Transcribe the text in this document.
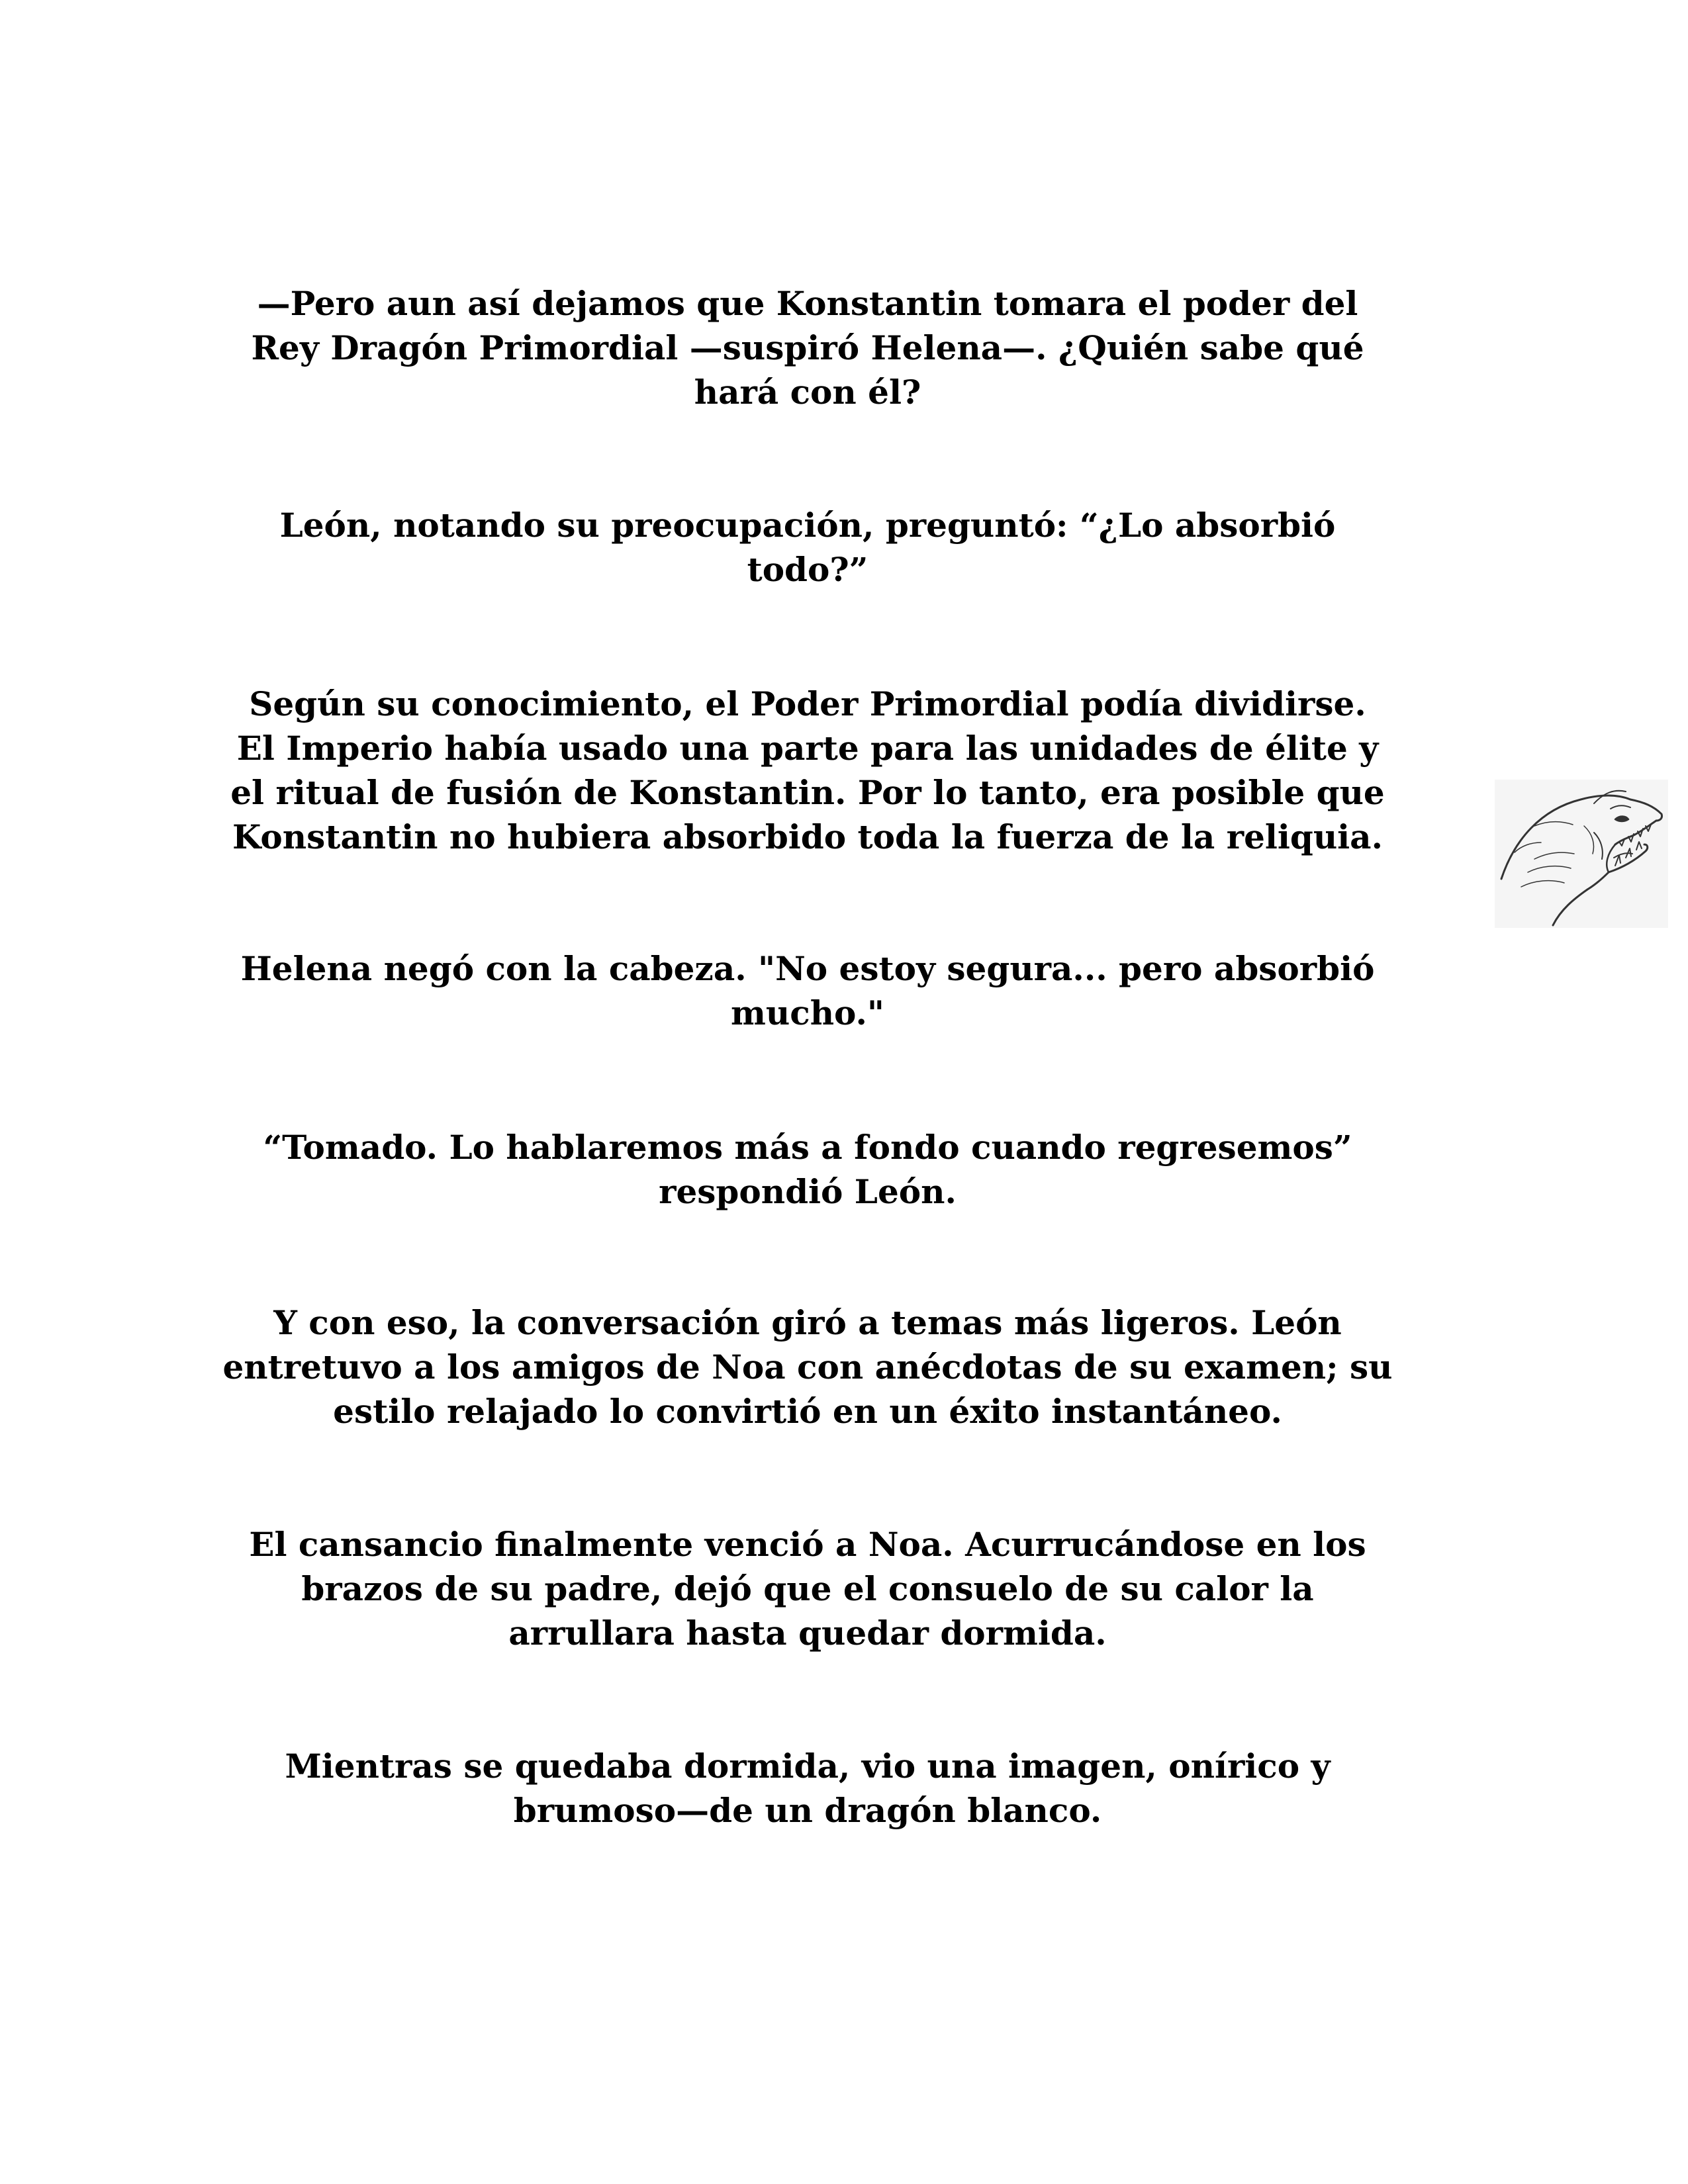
—Pero aun así dejamos que Konstantin tomara el poder del
Rey Dragón Primordial —suspiró Helena—. ¿Quién sabe qué
hará con él?

León, notando su preocupación, preguntó: “¿Lo absorbió
todo?”

Según su conocimiento, el Poder Primordial podía dividirse.
El Imperio había usado una parte para las unidades de élite y
el ritual de fusión de Konstantin. Por lo tanto, era posible que
Konstantin no hubiera absorbido toda la fuerza de la reliquia.

Helena negó con la cabeza. "No estoy segura... pero absorbió
mucho."

“Tomado. Lo hablaremos más a fondo cuando regresemos”
respondió León.

Y con eso, la conversación giró a temas más ligeros. León
entretuvo a los amigos de Noa con anécdotas de su examen; su
estilo relajado lo convirtió en un éxito instantáneo.

El cansancio finalmente venció a Noa. Acurrucándose en los
brazos de su padre, dejó que el consuelo de su calor la
arrullara hasta quedar dormida.

Mientras se quedaba dormida, vio una imagen, onírico y
brumoso—de un dragón blanco.
